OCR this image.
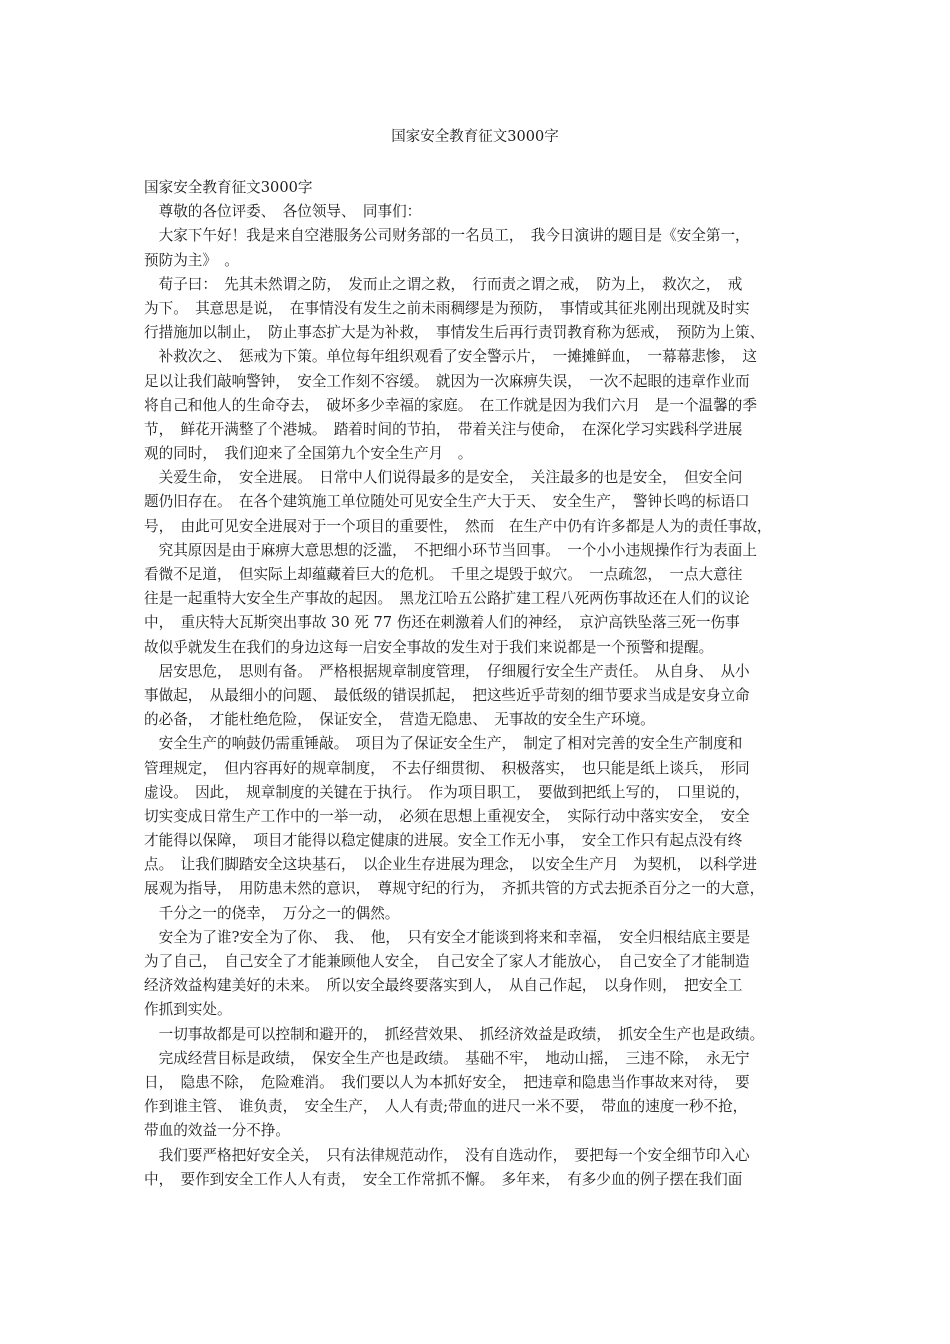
国家安全教育征文3000字
国家安全教育征文3000字
　尊敬的各位评委、　各位领导、　同事们：
　大家下午好！我是来自空港服务公司财务部的一名员工，　我今日演讲的题目是《安全第一，
预防为主》　。
　荀子曰：　先其未然谓之防，　发而止之谓之救，　行而责之谓之戒，　防为上，　救次之，　戒
为下。　其意思是说，　在事情没有发生之前未雨稠缪是为预防，　事情或其征兆刚出现就及时实
行措施加以制止，　防止事态扩大是为补救，　事情发生后再行责罚教育称为惩戒，　预防为上策、
　补救次之、　惩戒为下策。单位每年组织观看了安全警示片，　一摊摊鲜血，　一幕幕悲惨，　这
足以让我们敲响警钟，　安全工作刻不容缓。　就因为一次麻痹失误，　一次不起眼的违章作业而
将自己和他人的生命夺去，　破坏多少幸福的家庭。　在工作就是因为我们六月　是一个温馨的季
节，　鲜花开满整了个港城。　踏着时间的节拍，　带着关注与使命，　在深化学习实践科学进展
观的同时，　我们迎来了全国第九个安全生产月　。
　关爱生命，　安全进展。　日常中人们说得最多的是安全，　关注最多的也是安全，　但安全问
题仍旧存在。　在各个建筑施工单位随处可见安全生产大于天、　安全生产，　警钟长鸣的标语口
号，　由此可见安全进展对于一个项目的重要性，　然而　在生产中仍有许多都是人为的责任事故，
　究其原因是由于麻痹大意思想的泛滥，　不把细小环节当回事。　一个小小违规操作行为表面上
看微不足道，　但实际上却蕴藏着巨大的危机。　千里之堤毁于蚁穴。　一点疏忽，　一点大意往
往是一起重特大安全生产事故的起因。　黑龙江哈五公路扩建工程八死两伤事故还在人们的议论
中，　重庆特大瓦斯突出事故 30 死 77 伤还在刺激着人们的神经，　京沪高铁坠落三死一伤事
故似乎就发生在我们的身边这每一启安全事故的发生对于我们来说都是一个预警和提醒。
　居安思危，　思则有备。　严格根据规章制度管理，　仔细履行安全生产责任。　从自身、　从小
事做起，　从最细小的问题、　最低级的错误抓起，　把这些近乎苛刻的细节要求当成是安身立命
的必备，　才能杜绝危险，　保证安全，　营造无隐患、　无事故的安全生产环境。
　安全生产的响鼓仍需重锤敲。　项目为了保证安全生产，　制定了相对完善的安全生产制度和
管理规定，　但内容再好的规章制度，　不去仔细贯彻、　积极落实，　也只能是纸上谈兵，　形同
虚设。　因此，　规章制度的关键在于执行。　作为项目职工，　要做到把纸上写的，　口里说的，
切实变成日常生产工作中的一举一动，　必须在思想上重视安全，　实际行动中落实安全，　安全
才能得以保障，　项目才能得以稳定健康的进展。安全工作无小事，　安全工作只有起点没有终
点。　让我们脚踏安全这块基石，　以企业生存进展为理念，　以安全生产月　为契机，　以科学进
展观为指导，　用防患未然的意识，　尊规守纪的行为，　齐抓共管的方式去扼杀百分之一的大意，
　千分之一的侥幸，　万分之一的偶然。
　安全为了谁?安全为了你、　我、　他，　只有安全才能谈到将来和幸福，　安全归根结底主要是
为了自己，　自己安全了才能兼顾他人安全，　自己安全了家人才能放心，　自己安全了才能制造
经济效益构建美好的未来。　所以安全最终要落实到人，　从自己作起，　以身作则，　把安全工
作抓到实处。
　一切事故都是可以控制和避开的，　抓经营效果、　抓经济效益是政绩，　抓安全生产也是政绩。
　完成经营目标是政绩，　保安全生产也是政绩。　基础不牢，　地动山摇，　三违不除，　永无宁
日，　隐患不除，　危险难消。　我们要以人为本抓好安全，　把违章和隐患当作事故来对待，　要
作到谁主管、　谁负责，　安全生产，　人人有责;带血的进尺一米不要，　带血的速度一秒不抢，
带血的效益一分不挣。
　我们要严格把好安全关，　只有法律规范动作，　没有自选动作，　要把每一个安全细节印入心
中，　要作到安全工作人人有责，　安全工作常抓不懈。　多年来，　有多少血的例子摆在我们面
